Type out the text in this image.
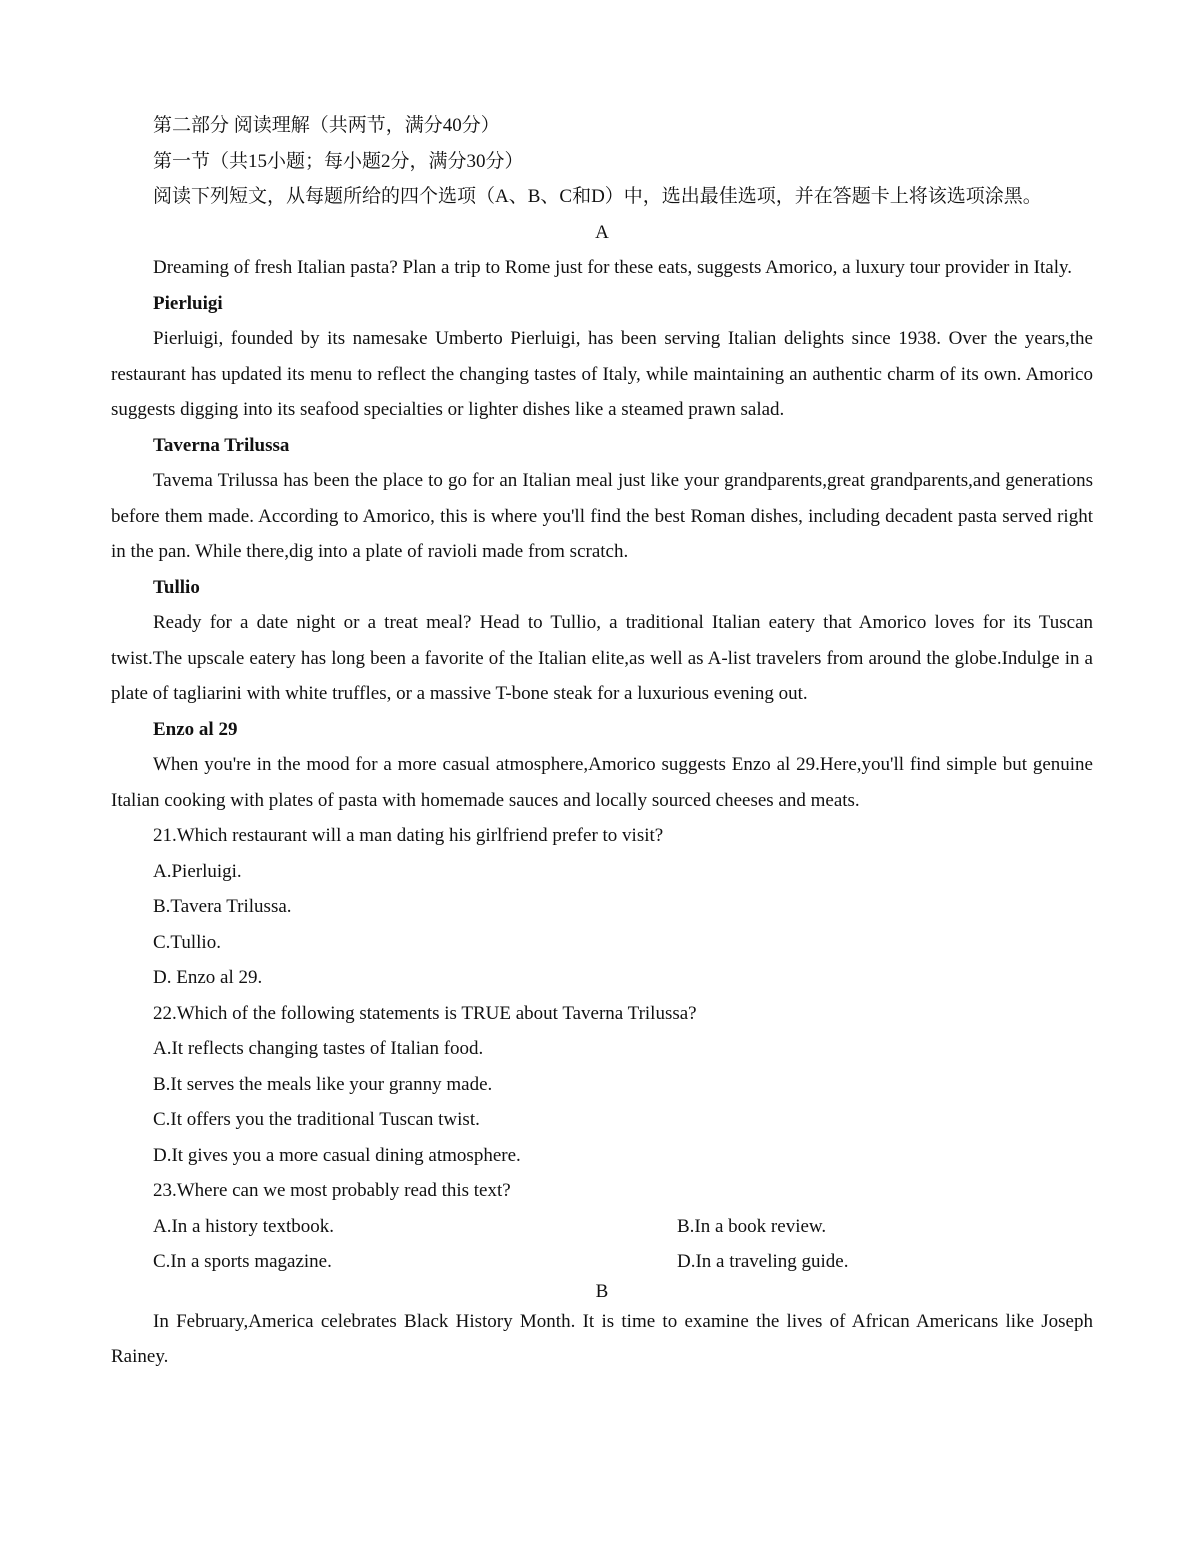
第二部分 阅读理解（共两节，满分40分）
第一节（共15小题；每小题2分，满分30分）
阅读下列短文，从每题所给的四个选项（A、B、C和D）中，选出最佳选项，并在答题卡上将该选项涂黑。
A

Dreaming of fresh Italian pasta? Plan a trip to Rome just for these eats, suggests Amorico, a luxury tour provider in Italy.

Pierluigi

Pierluigi, founded by its namesake Umberto Pierluigi, has been serving Italian delights since 1938. Over the years,the restaurant has updated its menu to reflect the changing tastes of Italy, while maintaining an authentic charm of its own. Amorico suggests digging into its seafood specialties or lighter dishes like a steamed prawn salad.

Taverna Trilussa

Tavema Trilussa has been the place to go for an Italian meal just like your grandparents,great grandparents,and generations before them made. According to Amorico, this is where you'll find the best Roman dishes, including decadent pasta served right in the pan. While there,dig into a plate of ravioli made from scratch.

Tullio

Ready for a date night or a treat meal? Head to Tullio, a traditional Italian eatery that Amorico loves for its Tuscan twist.The upscale eatery has long been a favorite of the Italian elite,as well as A-list travelers from around the globe.Indulge in a plate of tagliarini with white truffles, or a massive T-bone steak for a luxurious evening out.

Enzo al 29

When you're in the mood for a more casual atmosphere,Amorico suggests Enzo al 29.Here,you'll find simple but genuine Italian cooking with plates of pasta with homemade sauces and locally sourced cheeses and meats.

21.Which restaurant will a man dating his girlfriend prefer to visit?
A.Pierluigi.
B.Tavera Trilussa.
C.Tullio.
D. Enzo al 29.
22.Which of the following statements is TRUE about Taverna Trilussa?
A.It reflects changing tastes of Italian food.
B.It serves the meals like your granny made.
C.It offers you the traditional Tuscan twist.
D.It gives you a more casual dining atmosphere.
23.Where can we most probably read this text?
A.In a history textbook.	B.In a book review.
C.In a sports magazine.	D.In a traveling guide.
B

In February,America celebrates Black History Month. It is time to examine the lives of African Americans like Joseph Rainey.
